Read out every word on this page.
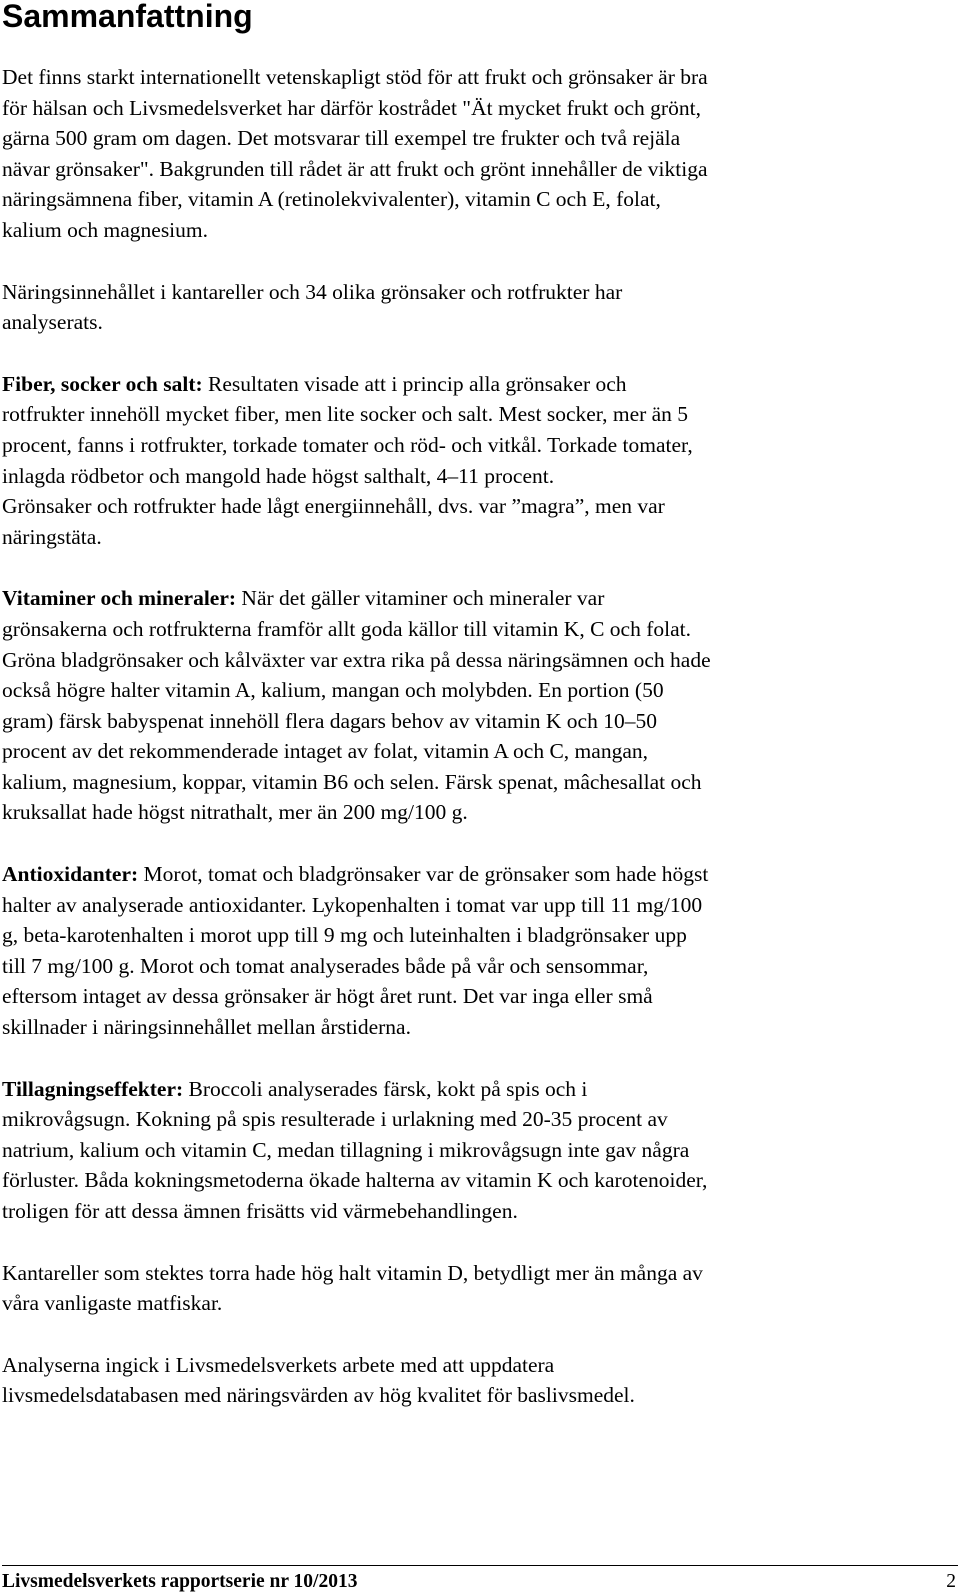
Sammanfattning

Det finns starkt internationellt vetenskapligt stöd för att frukt och grönsaker är bra
för hälsan och Livsmedelsverket har därför kostrådet "Ät mycket frukt och grönt,
gärna 500 gram om dagen. Det motsvarar till exempel tre frukter och två rejäla
nävar grönsaker". Bakgrunden till rådet är att frukt och grönt innehåller de viktiga
näringsämnena fiber, vitamin A (retinolekvivalenter), vitamin C och E, folat,
kalium och magnesium.

Näringsinnehållet i kantareller och 34 olika grönsaker och rotfrukter har
analyserats.

Fiber, socker och salt: Resultaten visade att i princip alla grönsaker och
rotfrukter innehöll mycket fiber, men lite socker och salt. Mest socker, mer än 5
procent, fanns i rotfrukter, torkade tomater och röd- och vitkål. Torkade tomater,
inlagda rödbetor och mangold hade högst salthalt, 4–11 procent.
Grönsaker och rotfrukter hade lågt energiinnehåll, dvs. var ”magra”, men var
näringstäta.

Vitaminer och mineraler: När det gäller vitaminer och mineraler var
grönsakerna och rotfrukterna framför allt goda källor till vitamin K, C och folat.
Gröna bladgrönsaker och kålväxter var extra rika på dessa näringsämnen och hade
också högre halter vitamin A, kalium, mangan och molybden. En portion (50
gram) färsk babyspenat innehöll flera dagars behov av vitamin K och 10–50
procent av det rekommenderade intaget av folat, vitamin A och C, mangan,
kalium, magnesium, koppar, vitamin B6 och selen. Färsk spenat, mâchesallat och
kruksallat hade högst nitrathalt, mer än 200 mg/100 g.

Antioxidanter: Morot, tomat och bladgrönsaker var de grönsaker som hade högst
halter av analyserade antioxidanter. Lykopenhalten i tomat var upp till 11 mg/100
g, beta-karotenhalten i morot upp till 9 mg och luteinhalten i bladgrönsaker upp
till 7 mg/100 g. Morot och tomat analyserades både på vår och sensommar,
eftersom intaget av dessa grönsaker är högt året runt. Det var inga eller små
skillnader i näringsinnehållet mellan årstiderna.

Tillagningseffekter: Broccoli analyserades färsk, kokt på spis och i
mikrovågsugn. Kokning på spis resulterade i urlakning med 20-35 procent av
natrium, kalium och vitamin C, medan tillagning i mikrovågsugn inte gav några
förluster. Båda kokningsmetoderna ökade halterna av vitamin K och karotenoider,
troligen för att dessa ämnen frisätts vid värmebehandlingen.

Kantareller som stektes torra hade hög halt vitamin D, betydligt mer än många av
våra vanligaste matfiskar.

Analyserna ingick i Livsmedelsverkets arbete med att uppdatera
livsmedelsdatabasen med näringsvärden av hög kvalitet för baslivsmedel.

Livsmedelsverkets rapportserie nr 10/2013	2
